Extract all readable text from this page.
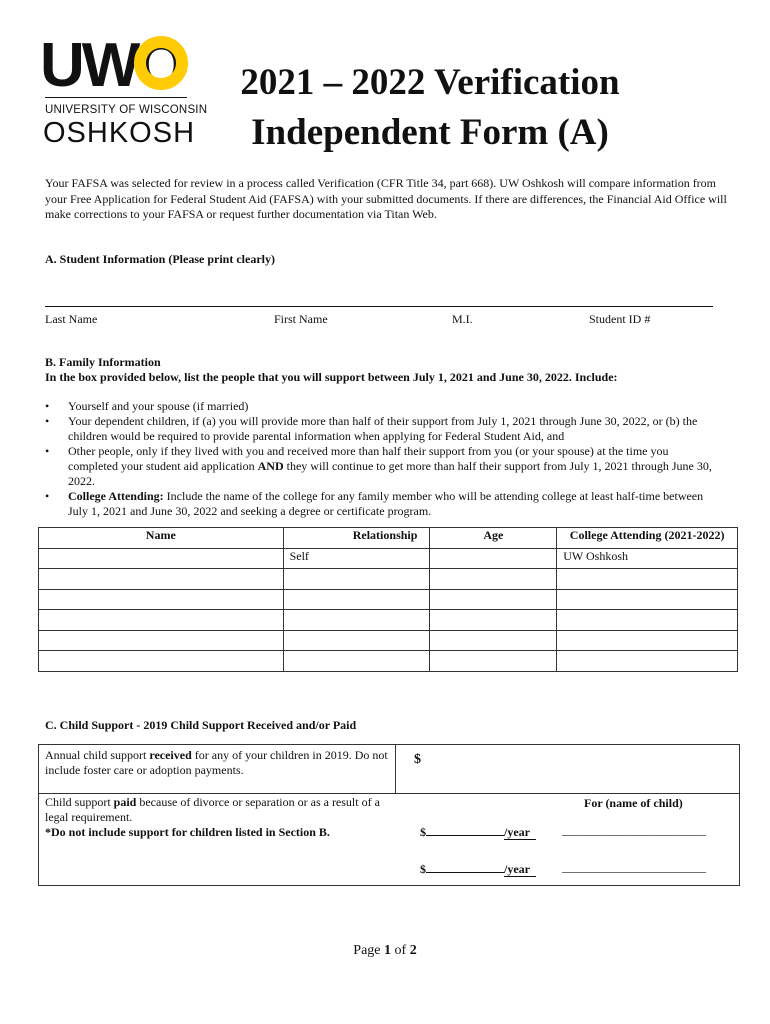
UWO
UNIVERSITY OF WISCONSIN
OSHKOSH
2021 – 2022 Verification
Independent Form (A)
Your FAFSA was selected for review in a process called Verification (CFR Title 34, part 668). UW Oshkosh will compare information from your Free Application for Federal Student Aid (FAFSA) with your submitted documents. If there are differences, the Financial Aid Office will make corrections to your FAFSA or request further documentation via Titan Web.
A. Student Information (Please print clearly)
Last Name	First Name	M.I.	Student ID #
B. Family Information
In the box provided below, list the people that you will support between July 1, 2021 and June 30, 2022. Include:
• Yourself and your spouse (if married)
• Your dependent children, if (a) you will provide more than half of their support from July 1, 2021 through June 30, 2022, or (b) the children would be required to provide parental information when applying for Federal Student Aid, and
• Other people, only if they lived with you and received more than half their support from you (or your spouse) at the time you completed your student aid application AND they will continue to get more than half their support from July 1, 2021 through June 30, 2022.
• College Attending: Include the name of the college for any family member who will be attending college at least half-time between July 1, 2021 and June 30, 2022 and seeking a degree or certificate program.
Name	Relationship	Age	College Attending (2021-2022)
	Self		UW Oshkosh

C. Child Support - 2019 Child Support Received and/or Paid
Annual child support received for any of your children in 2019. Do not include foster care or adoption payments.
$
Child support paid because of divorce or separation or as a result of a legal requirement.
*Do not include support for children listed in Section B.
For (name of child)
$	/year	________________________
$	/year	________________________
Page 1 of 2
